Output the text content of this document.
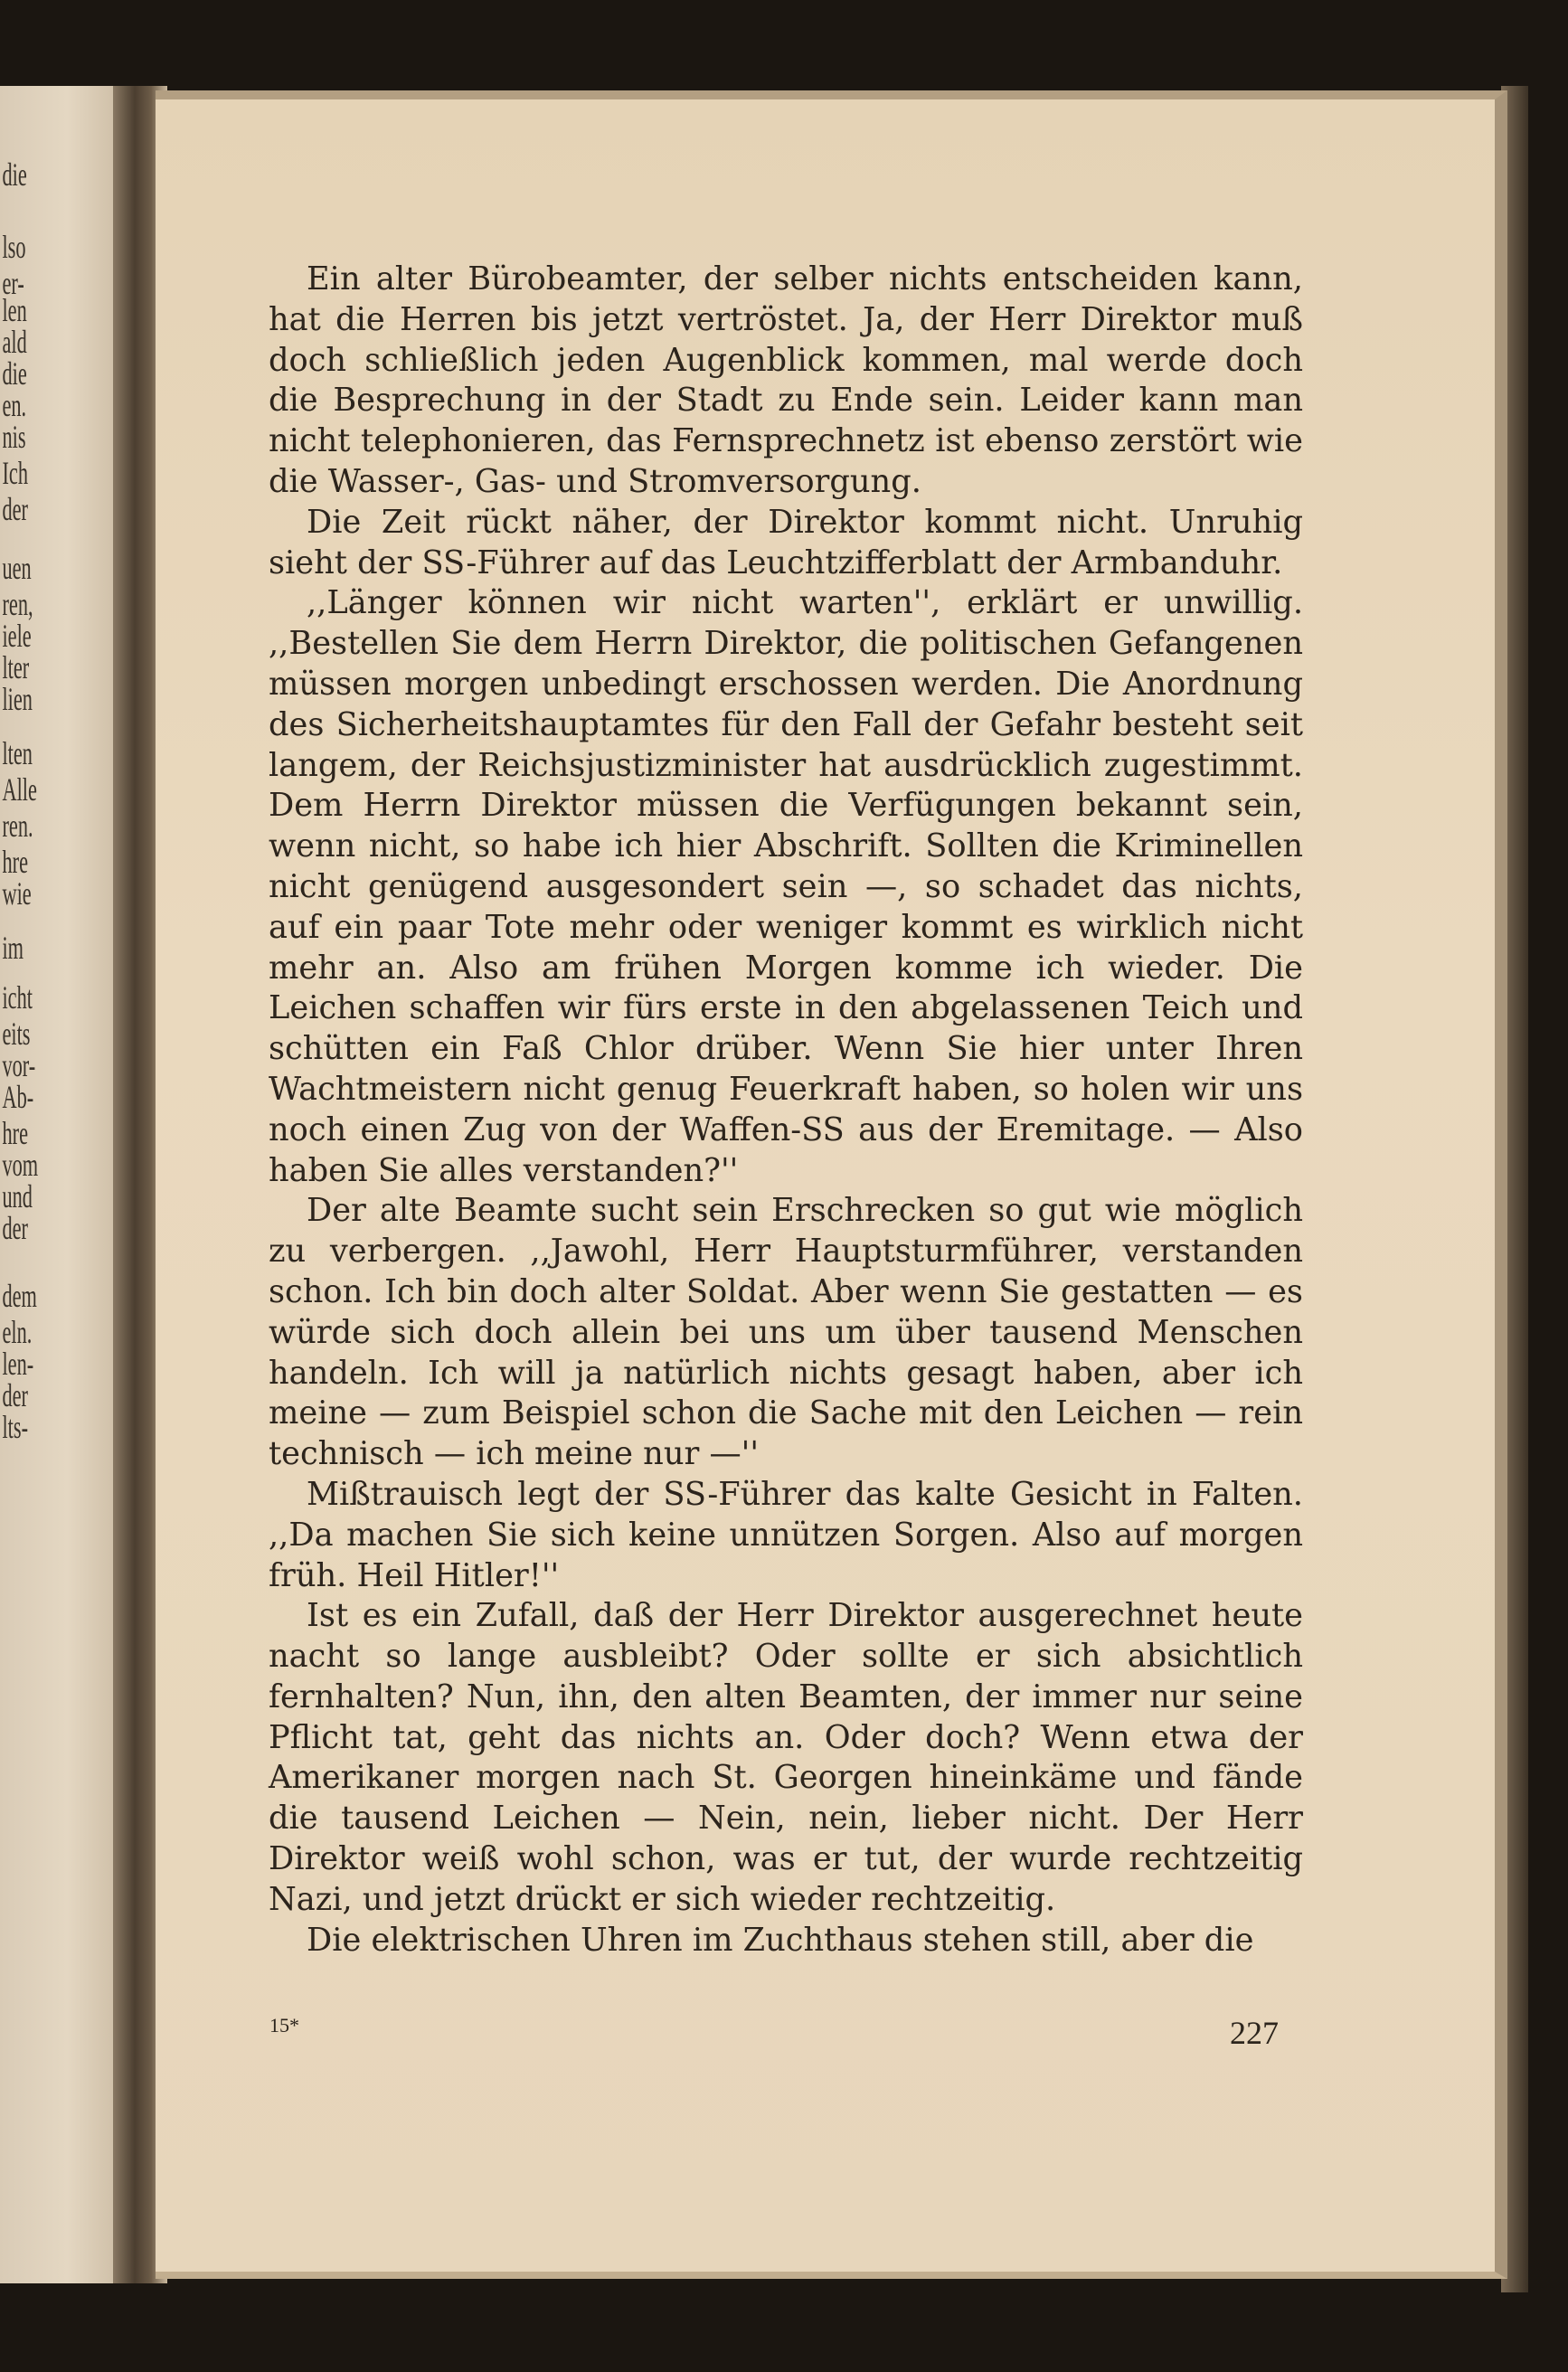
die
lso
er-
len
ald
die
en.
nis
Ich
der
uen
ren,
iele
lter
lien
lten
Alle
ren.
hre
wie
im
icht
eits
vor-
Ab-
hre
vom
und
der
dem
eln.
len-
der
lts-

Ein alter Bürobeamter, der selber nichts entscheiden kann, hat die Herren bis jetzt vertröstet. Ja, der Herr Direktor muß doch schließlich jeden Augenblick kommen, mal werde doch die Besprechung in der Stadt zu Ende sein. Leider kann man nicht telephonieren, das Fernsprechnetz ist ebenso zerstört wie die Wasser-, Gas- und Stromversorgung.

Die Zeit rückt näher, der Direktor kommt nicht. Unruhig sieht der SS-Führer auf das Leuchtzifferblatt der Armbanduhr.

,,Länger können wir nicht warten'', erklärt er unwillig. ,,Bestellen Sie dem Herrn Direktor, die politischen Gefangenen müssen morgen unbedingt erschossen werden. Die Anordnung des Sicherheitshauptamtes für den Fall der Gefahr besteht seit langem, der Reichsjustizminister hat ausdrücklich zugestimmt. Dem Herrn Direktor müssen die Verfügungen bekannt sein, wenn nicht, so habe ich hier Abschrift. Sollten die Kriminellen nicht genügend ausgesondert sein —, so schadet das nichts, auf ein paar Tote mehr oder weniger kommt es wirklich nicht mehr an. Also am frühen Morgen komme ich wieder. Die Leichen schaffen wir fürs erste in den abgelassenen Teich und schütten ein Faß Chlor drüber. Wenn Sie hier unter Ihren Wachtmeistern nicht genug Feuerkraft haben, so holen wir uns noch einen Zug von der Waffen-SS aus der Eremitage. — Also haben Sie alles verstanden?''

Der alte Beamte sucht sein Erschrecken so gut wie möglich zu verbergen. ,,Jawohl, Herr Hauptsturmführer, verstanden schon. Ich bin doch alter Soldat. Aber wenn Sie gestatten — es würde sich doch allein bei uns um über tausend Menschen handeln. Ich will ja natürlich nichts gesagt haben, aber ich meine — zum Beispiel schon die Sache mit den Leichen — rein technisch — ich meine nur —''

Mißtrauisch legt der SS-Führer das kalte Gesicht in Falten. ,,Da machen Sie sich keine unnützen Sorgen. Also auf morgen früh. Heil Hitler!''

Ist es ein Zufall, daß der Herr Direktor ausgerechnet heute nacht so lange ausbleibt? Oder sollte er sich absichtlich fernhalten? Nun, ihn, den alten Beamten, der immer nur seine Pflicht tat, geht das nichts an. Oder doch? Wenn etwa der Amerikaner morgen nach St. Georgen hineinkäme und fände die tausend Leichen — Nein, nein, lieber nicht. Der Herr Direktor weiß wohl schon, was er tut, der wurde rechtzeitig Nazi, und jetzt drückt er sich wieder rechtzeitig.

Die elektrischen Uhren im Zuchthaus stehen still, aber die

15*	227
